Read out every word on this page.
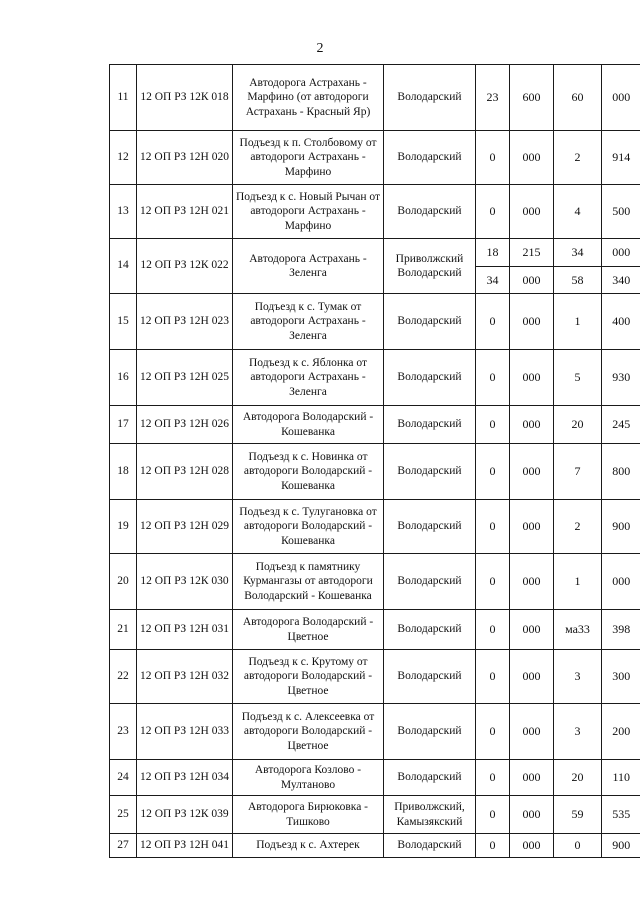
2
11	12 ОП РЗ 12К 018	Автодорога Астрахань - Марфино (от автодороги Астрахань - Красный Яр)	Володарский	23	600	60	000
12	12 ОП РЗ 12Н 020	Подъезд к п. Столбовому от автодороги Астрахань - Марфино	Володарский	0	000	2	914
13	12 ОП РЗ 12Н 021	Подъезд к с. Новый Рычан от автодороги Астрахань - Марфино	Володарский	0	000	4	500
14	12 ОП РЗ 12К 022	Автодорога Астрахань - Зеленга	Приволжский Володарский	18	215	34	000
				34	000	58	340
15	12 ОП РЗ 12Н 023	Подъезд к с. Тумак от автодороги Астрахань - Зеленга	Володарский	0	000	1	400
16	12 ОП РЗ 12Н 025	Подъезд к с. Яблонка от автодороги Астрахань - Зеленга	Володарский	0	000	5	930
17	12 ОП РЗ 12Н 026	Автодорога Володарский - Кошеванка	Володарский	0	000	20	245
18	12 ОП РЗ 12Н 028	Подъезд к с. Новинка от автодороги Володарский - Кошеванка	Володарский	0	000	7	800
19	12 ОП РЗ 12Н 029	Подъезд к с. Тулугановка от автодороги Володарский - Кошеванка	Володарский	0	000	2	900
20	12 ОП РЗ 12К 030	Подъезд к памятнику Курмангазы от автодороги Володарский - Кошеванка	Володарский	0	000	1	000
21	12 ОП РЗ 12Н 031	Автодорога Володарский - Цветное	Володарский	0	000	ма33	398
22	12 ОП РЗ 12Н 032	Подъезд к с. Крутому от автодороги Володарский - Цветное	Володарский	0	000	3	300
23	12 ОП РЗ 12Н 033	Подъезд к с. Алексеевка от автодороги Володарский - Цветное	Володарский	0	000	3	200
24	12 ОП РЗ 12Н 034	Автодорога Козлово - Мултаново	Володарский	0	000	20	110
25	12 ОП РЗ 12К 039	Автодорога Бирюковка - Тишково	Приволжский, Камызякский	0	000	59	535
27	12 ОП РЗ 12Н 041	Подъезд к с. Ахтерек	Володарский	0	000	0	900
